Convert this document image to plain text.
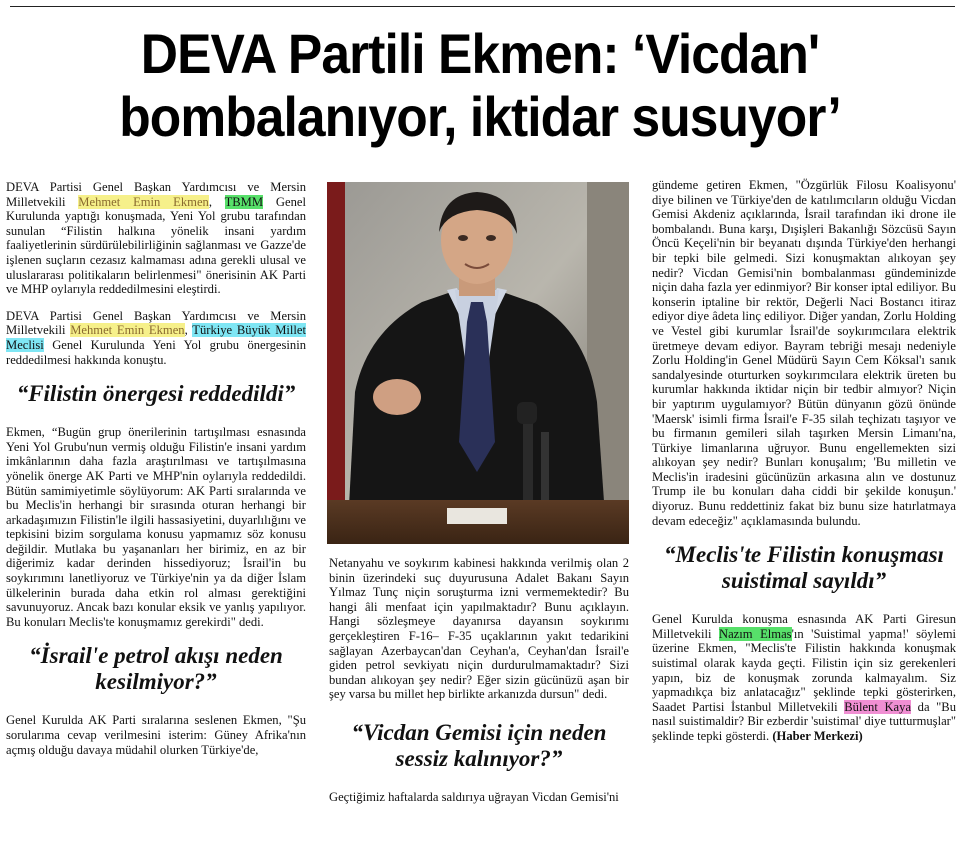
DEVA Partili Ekmen: ‘Vicdan'
bombalanıyor, iktidar susuyor’

DEVA Partisi Genel Başkan Yardımcısı ve Mersin Milletvekili Mehmet Emin Ekmen, TBMM Genel Kurulunda yaptığı konuşmada, Yeni Yol grubu tarafından sunulan “Filistin halkına yönelik insani yardım faaliyetlerinin sürdürülebilirliğinin sağlanması ve Gazze'de işlenen suçların cezasız kalmaması adına gerekli ulusal ve uluslararası politikaların belirlenmesi" önerisinin AK Parti ve MHP oylarıyla reddedilmesini eleştirdi.

DEVA Partisi Genel Başkan Yardımcısı ve Mersin Milletvekili Mehmet Emin Ekmen, Türkiye Büyük Millet Meclisi Genel Kurulunda Yeni Yol grubu önergesinin reddedilmesi hakkında konuştu.

“Filistin önergesi reddedildi”

Ekmen, “Bugün grup önerilerinin tartışılması esnasında Yeni Yol Grubu'nun vermiş olduğu Filistin'e insani yardım imkânlarının daha fazla araştırılması ve tartışılmasına yönelik önerge AK Parti ve MHP'nin oylarıyla reddedildi. Bütün samimiyetimle söylüyorum: AK Parti sıralarında ve bu Meclis'in herhangi bir sırasında oturan herhangi bir arkadaşımızın Filistin'le ilgili hassasiyetini, duyarlılığını ve tepkisini bizim sorgulama konusu yapmamız söz konusu değildir. Mutlaka bu yaşananları her birimiz, en az bir diğerimiz kadar derinden hissediyoruz; İsrail'in bu soykırımını lanetliyoruz ve Türkiye'nin ya da diğer İslam ülkelerinin burada daha etkin rol alması gerektiğini savunuyoruz. Ancak bazı konular eksik ve yanlış yapılıyor. Bu konuları Meclis'te konuşmamız gerekirdi" dedi.

“İsrail'e petrol akışı neden kesilmiyor?”

Genel Kurulda AK Parti sıralarına seslenen Ekmen, "Şu sorularıma cevap verilmesini isterim: Güney Afrika'nın açmış olduğu davaya müdahil olurken Türkiye'de,

Netanyahu ve soykırım kabinesi hakkında verilmiş olan 2 binin üzerindeki suç duyurusuna Adalet Bakanı Sayın Yılmaz Tunç niçin soruşturma izni vermemektedir? Bu hangi âli menfaat için yapılmaktadır? Bunu açıklayın. Hangi sözleşmeye dayanırsa dayansın soykırımı gerçekleştiren F-16– F-35 uçaklarının yakıt tedarikini sağlayan Azerbaycan'dan Ceyhan'a, Ceyhan'dan İsrail'e giden petrol sevkiyatı niçin durdurulmamaktadır? Sizi bundan alıkoyan şey nedir? Eğer sizin gücünüzü aşan bir şey varsa bu millet hep birlikte arkanızda dursun" dedi.

“Vicdan Gemisi için neden sessiz kalınıyor?”

Geçtiğimiz haftalarda saldırıya uğrayan Vicdan Gemisi'ni

gündeme getiren Ekmen, "Özgürlük Filosu Koalisyonu' diye bilinen ve Türkiye'den de katılımcıların olduğu Vicdan Gemisi Akdeniz açıklarında, İsrail tarafından iki drone ile bombalandı. Buna karşı, Dışişleri Bakanlığı Sözcüsü Sayın Öncü Keçeli'nin bir beyanatı dışında Türkiye'den herhangi bir tepki bile gelmedi. Sizi konuşmaktan alıkoyan şey nedir? Vicdan Gemisi'nin bombalanması gündeminizde niçin daha fazla yer edinmiyor? Bir konser iptal ediliyor. Bu konserin iptaline bir rektör, Değerli Naci Bostancı itiraz ediyor diye âdeta linç ediliyor. Diğer yandan, Zorlu Holding ve Vestel gibi kurumlar İsrail'de soykırımcılara elektrik üretmeye devam ediyor. Bayram tebriği mesajı nedeniyle Zorlu Holding'in Genel Müdürü Sayın Cem Köksal'ı sanık sandalyesinde oturturken soykırımcılara elektrik üreten bu kurumlar hakkında iktidar niçin bir tedbir almıyor? Niçin bir yaptırım uygulamıyor? Bütün dünyanın gözü önünde 'Maersk' isimli firma İsrail'e F-35 silah teçhizatı taşıyor ve bu firmanın gemileri silah taşırken Mersin Limanı'na, Türkiye limanlarına uğruyor. Bunu engellemekten sizi alıkoyan şey nedir? Bunları konuşalım; 'Bu milletin ve Meclis'in iradesini gücünüzün arkasına alın ve dostunuz Trump ile bu konuları daha ciddi bir şekilde konuşun.' diyoruz. Bunu reddettiniz fakat biz bunu size hatırlatmaya devam edeceğiz" açıklamasında bulundu.

“Meclis'te Filistin konuşması suistimal sayıldı”

Genel Kurulda konuşma esnasında AK Parti Giresun Milletvekili Nazım Elmas'ın 'Suistimal yapma!' söylemi üzerine Ekmen, "Meclis'te Filistin hakkında konuşmak suistimal olarak kayda geçti. Filistin için siz gerekenleri yapın, biz de konuşmak zorunda kalmayalım. Siz yapmadıkça biz anlatacağız" şeklinde tepki gösterirken, Saadet Partisi İstanbul Milletvekili Bülent Kaya da "Bu nasıl suistimaldir? Bir ezberdir 'suistimal' diye tutturmuşlar" şeklinde tepki gösterdi. (Haber Merkezi)
